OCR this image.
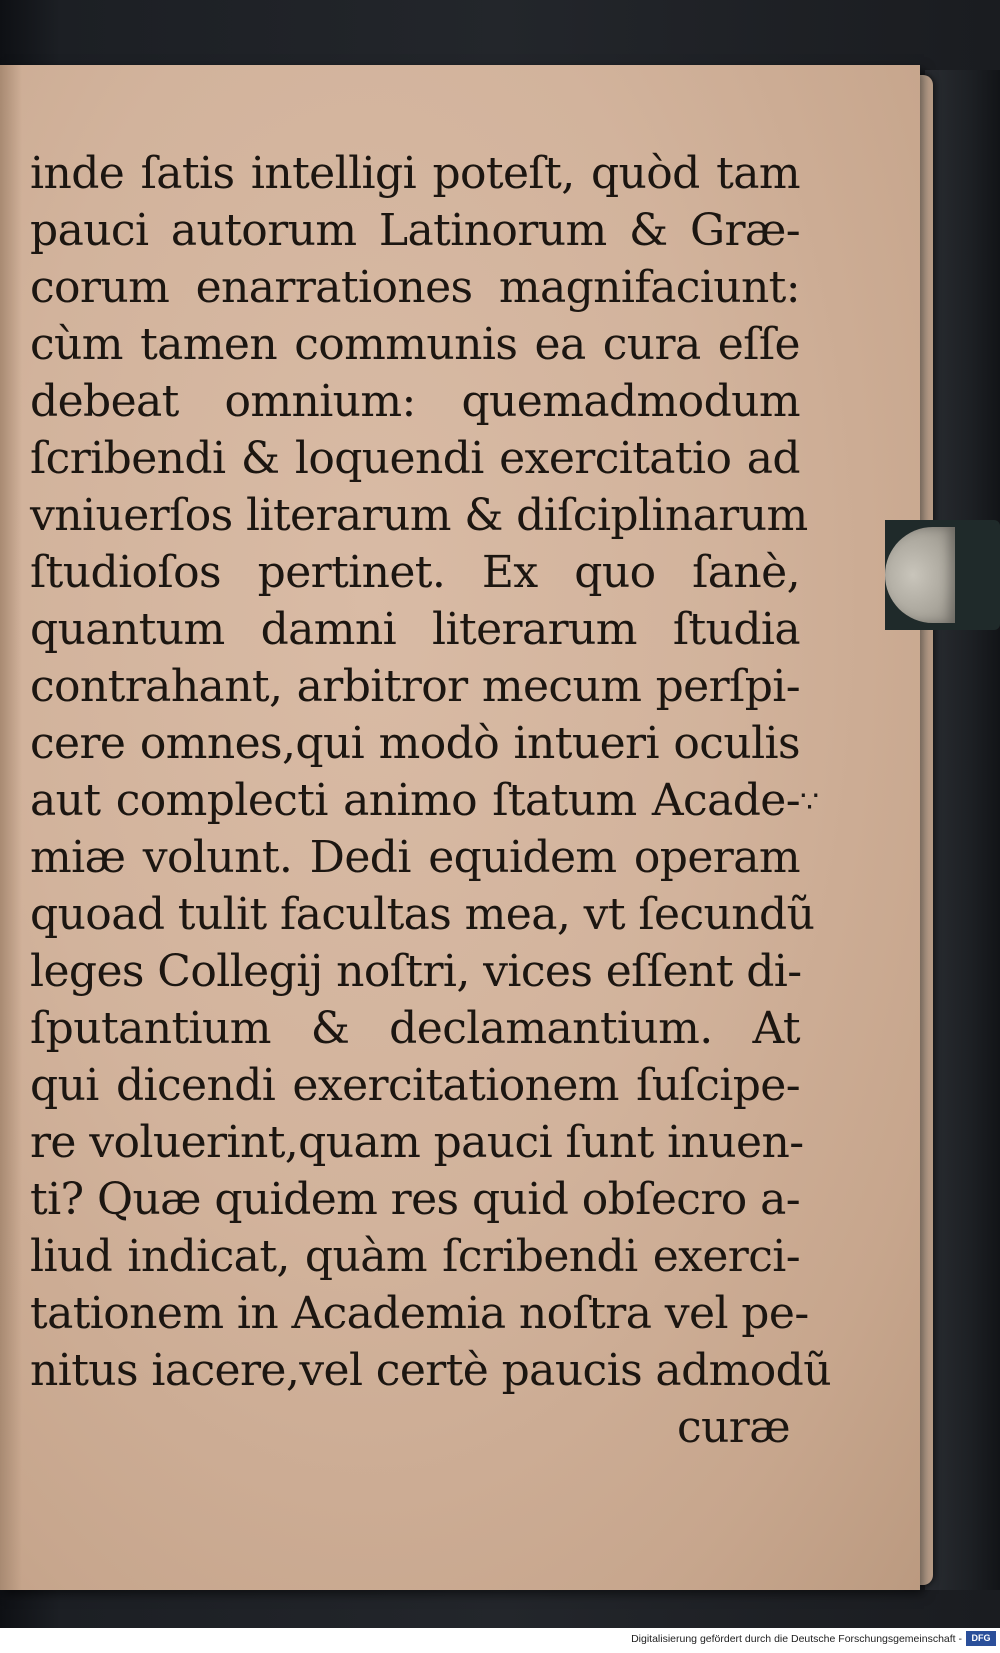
inde ſatis intelligi poteſt, quòd tam
pauci autorum Latinorum & Græ-
corum enarrationes magnifaciunt:
cùm tamen communis ea cura eſſe
debeat omnium: quemadmodum
ſcribendi & loquendi exercitatio ad
vniuerſos literarum & diſciplinarum
ſtudioſos pertinet. Ex quo ſanè,
quantum damni literarum ſtudia
contrahant, arbitror mecum perſpi-
cere omnes,qui modò intueri oculis
aut complecti animo ſtatum Acade-
miæ volunt. Dedi equidem operam
quoad tulit facultas mea, vt ſecundũ
leges Collegij noſtri, vices eſſent di-
ſputantium & declamantium. At
qui dicendi exercitationem ſuſcipe-
re voluerint,quam pauci ſunt inuen-
ti? Quæ quidem res quid obſecro a-
liud indicat, quàm ſcribendi exerci-
tationem in Academia noſtra vel pe-
nitus iacere,vel certè paucis admodũ
curæ
∵
Digitalisierung gefördert durch die Deutsche Forschungsgemeinschaft -	DFG
